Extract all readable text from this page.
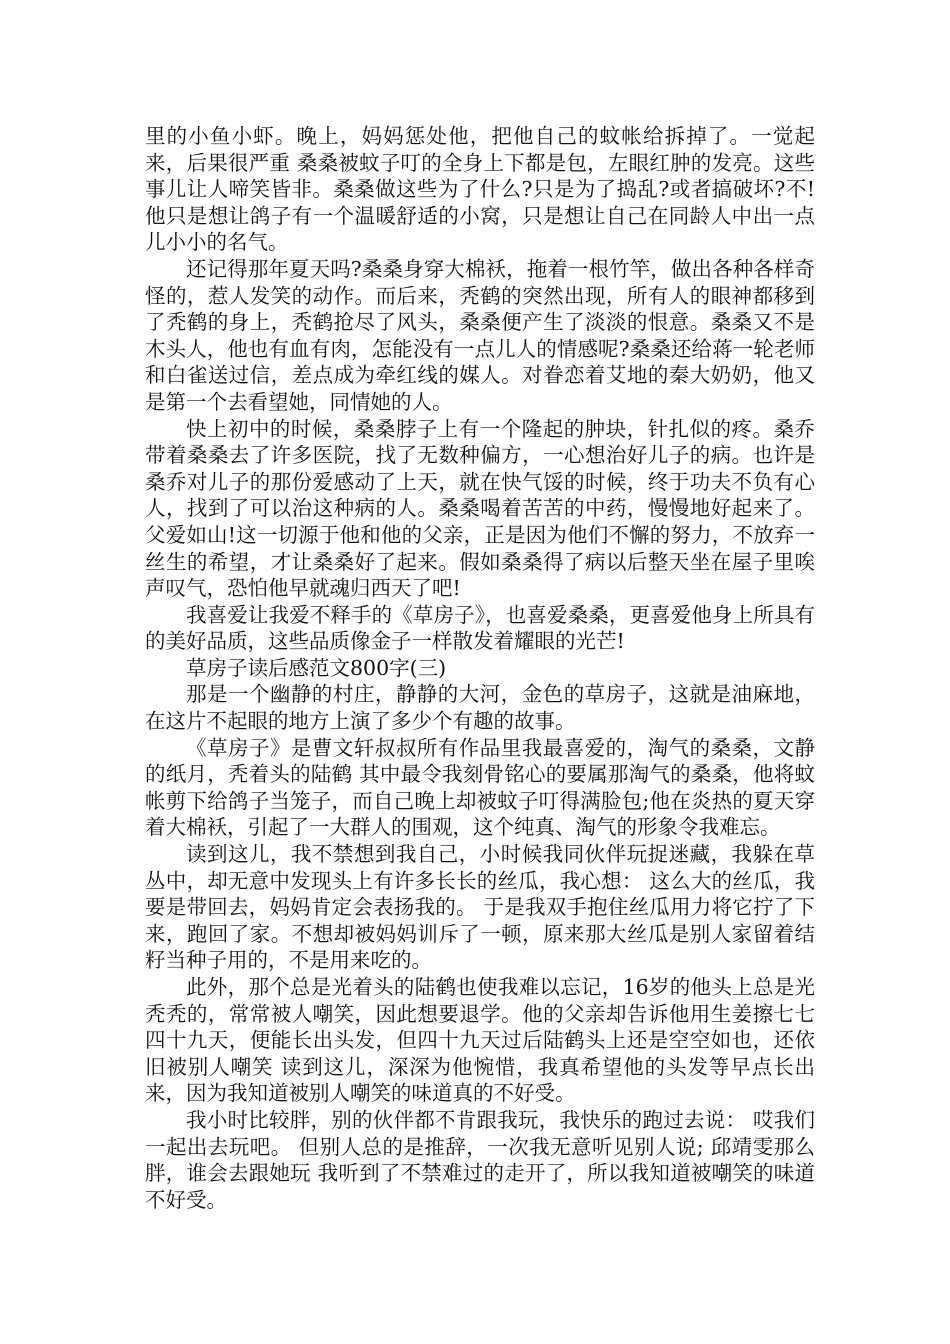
里的小鱼小虾。晚上，妈妈惩处他，把他自己的蚊帐给拆掉了。一觉起来，后果很严重 桑桑被蚊子叮的全身上下都是包，左眼红肿的发亮。这些事儿让人啼笑皆非。桑桑做这些为了什么?只是为了捣乱?或者搞破坏?不!他只是想让鸽子有一个温暖舒适的小窝，只是想让自己在同龄人中出一点儿小小的名气。

还记得那年夏天吗?桑桑身穿大棉袄，拖着一根竹竿，做出各种各样奇怪的，惹人发笑的动作。而后来，秃鹤的突然出现，所有人的眼神都移到了秃鹤的身上，秃鹤抢尽了风头，桑桑便产生了淡淡的恨意。桑桑又不是木头人，他也有血有肉，怎能没有一点儿人的情感呢?桑桑还给蒋一轮老师和白雀送过信，差点成为牵红线的媒人。对眷恋着艾地的秦大奶奶，他又是第一个去看望她，同情她的人。

快上初中的时候，桑桑脖子上有一个隆起的肿块，针扎似的疼。桑乔带着桑桑去了许多医院，找了无数种偏方，一心想治好儿子的病。也许是桑乔对儿子的那份爱感动了上天，就在快气馁的时候，终于功夫不负有心人，找到了可以治这种病的人。桑桑喝着苦苦的中药，慢慢地好起来了。父爱如山!这一切源于他和他的父亲，正是因为他们不懈的努力，不放弃一丝生的希望，才让桑桑好了起来。假如桑桑得了病以后整天坐在屋子里唉声叹气，恐怕他早就魂归西天了吧!

我喜爱让我爱不释手的《草房子》，也喜爱桑桑，更喜爱他身上所具有的美好品质，这些品质像金子一样散发着耀眼的光芒!

草房子读后感范文800字(三)

那是一个幽静的村庄，静静的大河，金色的草房子，这就是油麻地，在这片不起眼的地方上演了多少个有趣的故事。

《草房子》是曹文轩叔叔所有作品里我最喜爱的，淘气的桑桑，文静的纸月，秃着头的陆鹤 其中最令我刻骨铭心的要属那淘气的桑桑，他将蚊帐剪下给鸽子当笼子，而自己晚上却被蚊子叮得满脸包;他在炎热的夏天穿着大棉袄，引起了一大群人的围观，这个纯真、淘气的形象令我难忘。

读到这儿，我不禁想到我自己，小时候我同伙伴玩捉迷藏，我躲在草丛中，却无意中发现头上有许多长长的丝瓜，我心想： 这么大的丝瓜，我要是带回去，妈妈肯定会表扬我的。 于是我双手抱住丝瓜用力将它拧了下来，跑回了家。不想却被妈妈训斥了一顿，原来那大丝瓜是别人家留着结籽当种子用的，不是用来吃的。

此外，那个总是光着头的陆鹤也使我难以忘记，16岁的他头上总是光秃秃的，常常被人嘲笑，因此想要退学。他的父亲却告诉他用生姜擦七七四十九天，便能长出头发，但四十九天过后陆鹤头上还是空空如也，还依旧被别人嘲笑 读到这儿，深深为他惋惜，我真希望他的头发等早点长出来，因为我知道被别人嘲笑的味道真的不好受。

我小时比较胖，别的伙伴都不肯跟我玩，我快乐的跑过去说： 哎我们一起出去玩吧。 但别人总的是推辞，一次我无意听见别人说; 邱靖雯那么胖，谁会去跟她玩 我听到了不禁难过的走开了，所以我知道被嘲笑的味道不好受。
